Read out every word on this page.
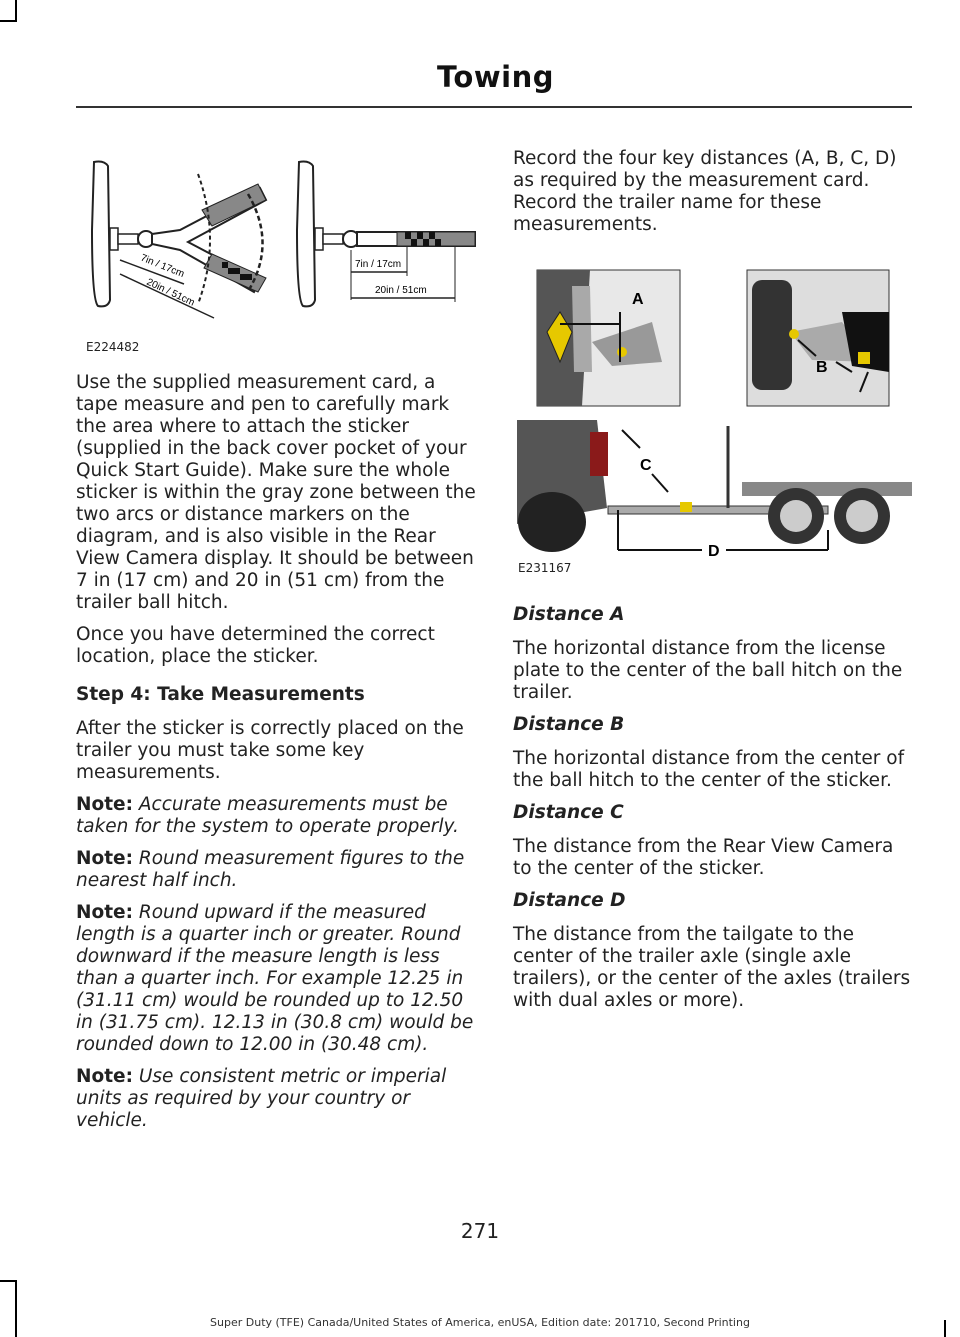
Towing
7in / 17cm
20in / 51cm
7in / 17cm
20in / 51cm
E224482

Use the supplied measurement card, a tape measure and pen to carefully mark the area where to attach the sticker (supplied in the back cover pocket of your Quick Start Guide). Make sure the whole sticker is within the gray zone between the two arcs or distance markers on the diagram, and is also visible in the Rear View Camera display. It should be between 7 in (17 cm) and 20 in (51 cm) from the trailer ball hitch.

Once you have determined the correct location, place the sticker.

Step 4: Take Measurements

After the sticker is correctly placed on the trailer you must take some key measurements.

Note: Accurate measurements must be taken for the system to operate properly.

Note: Round measurement figures to the nearest half inch.

Note: Round upward if the measured length is a quarter inch or greater. Round downward if the measure length is less than a quarter inch. For example 12.25 in (31.11 cm) would be rounded up to 12.50 in (31.75 cm). 12.13 in (30.8 cm) would be rounded down to 12.00 in (30.48 cm).

Note: Use consistent metric or imperial units as required by your country or vehicle.

Record the four key distances (A, B, C, D) as required by the measurement card. Record the trailer name for these measurements.

A
B
C
D
E231167

Distance A

The horizontal distance from the license plate to the center of the ball hitch on the trailer.

Distance B

The horizontal distance from the center of the ball hitch to the center of the sticker.

Distance C

The distance from the Rear View Camera to the center of the sticker.

Distance D

The distance from the tailgate to the center of the trailer axle (single axle trailers), or the center of the axles (trailers with dual axles or more).

271
Super Duty (TFE) Canada/United States of America, enUSA, Edition date: 201710, Second Printing
